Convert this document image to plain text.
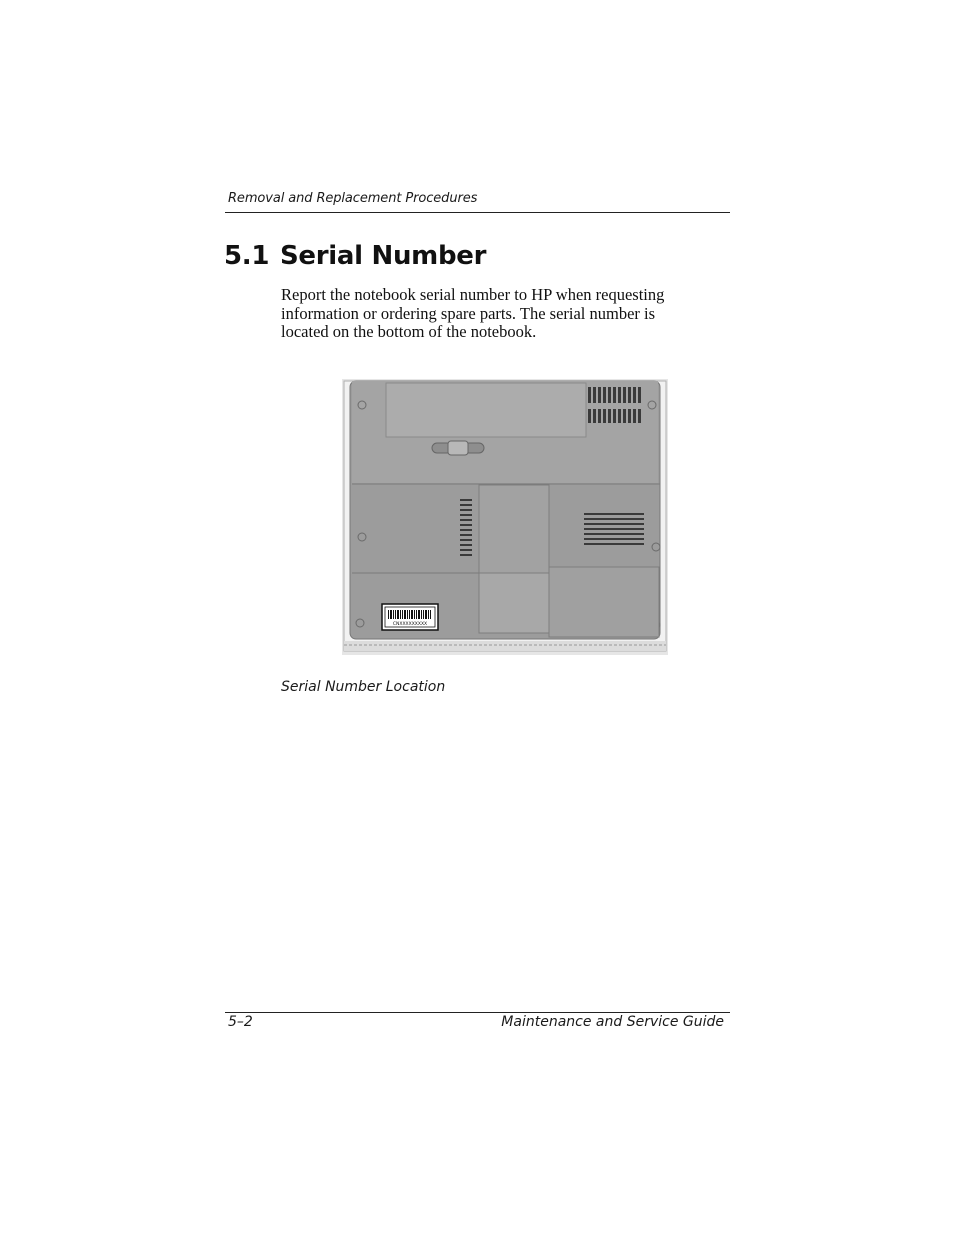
Removal and Replacement Procedures
5.1 Serial Number
Report the notebook serial number to HP when requesting
information or ordering spare parts. The serial number is
located on the bottom of the notebook.
CNXXXXXXXXX
Serial Number Location
5–2	Maintenance and Service Guide
